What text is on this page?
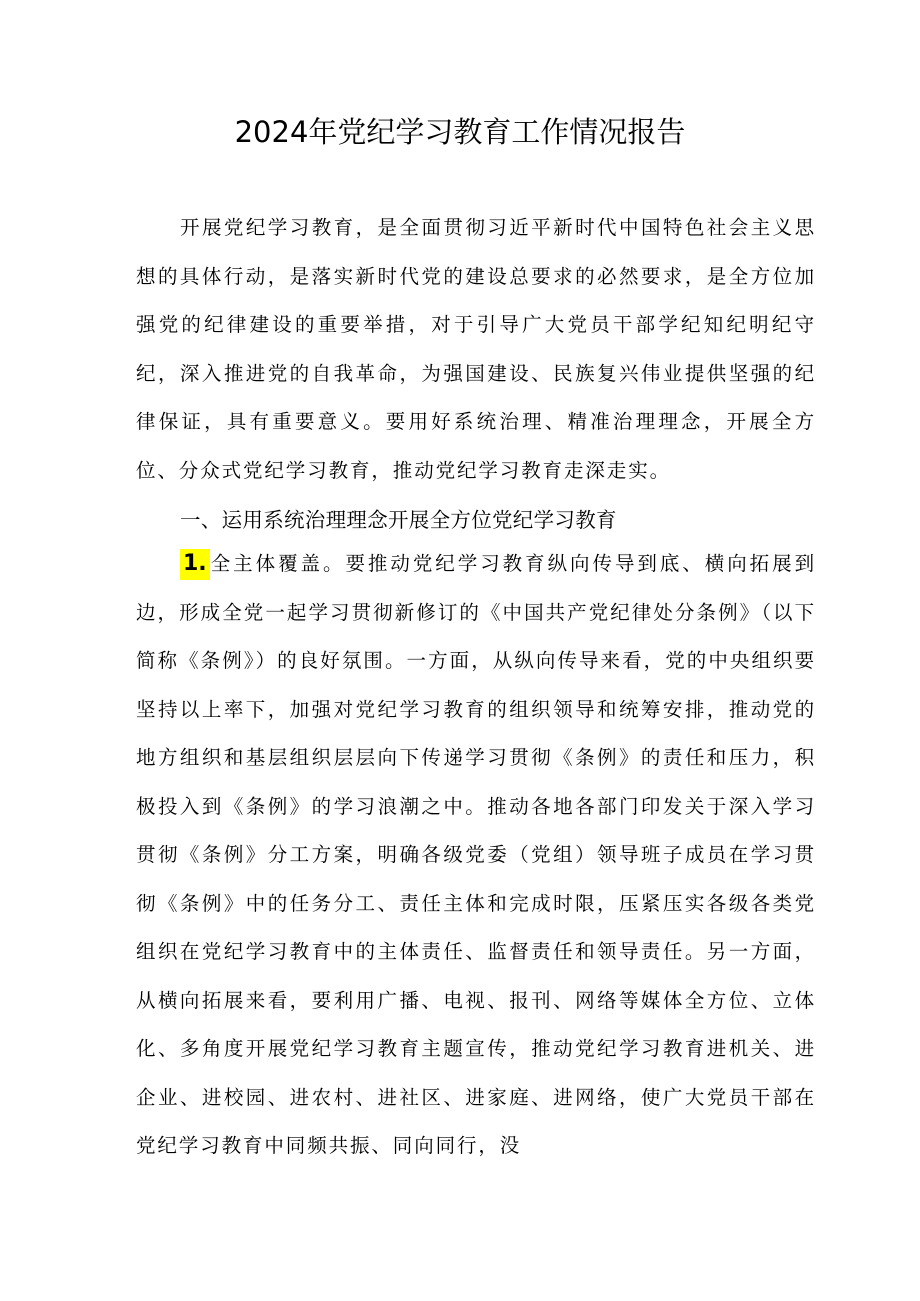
2024年党纪学习教育工作情况报告

开展党纪学习教育，是全面贯彻习近平新时代中国特色社会主义思想的具体行动，是落实新时代党的建设总要求的必然要求，是全方位加强党的纪律建设的重要举措，对于引导广大党员干部学纪知纪明纪守纪，深入推进党的自我革命，为强国建设、民族复兴伟业提供坚强的纪律保证，具有重要意义。要用好系统治理、精准治理理念，开展全方位、分众式党纪学习教育，推动党纪学习教育走深走实。

一、运用系统治理理念开展全方位党纪学习教育

1. 全主体覆盖。要推动党纪学习教育纵向传导到底、横向拓展到边，形成全党一起学习贯彻新修订的《中国共产党纪律处分条例》（以下简称《条例》）的良好氛围。一方面，从纵向传导来看，党的中央组织要坚持以上率下，加强对党纪学习教育的组织领导和统筹安排，推动党的地方组织和基层组织层层向下传递学习贯彻《条例》的责任和压力，积极投入到《条例》的学习浪潮之中。推动各地各部门印发关于深入学习贯彻《条例》分工方案，明确各级党委（党组）领导班子成员在学习贯彻《条例》中的任务分工、责任主体和完成时限，压紧压实各级各类党组织在党纪学习教育中的主体责任、监督责任和领导责任。另一方面，从横向拓展来看，要利用广播、电视、报刊、网络等媒体全方位、立体化、多角度开展党纪学习教育主题宣传，推动党纪学习教育进机关、进企业、进校园、进农村、进社区、进家庭、进网络，使广大党员干部在党纪学习教育中同频共振、同向同行，没
